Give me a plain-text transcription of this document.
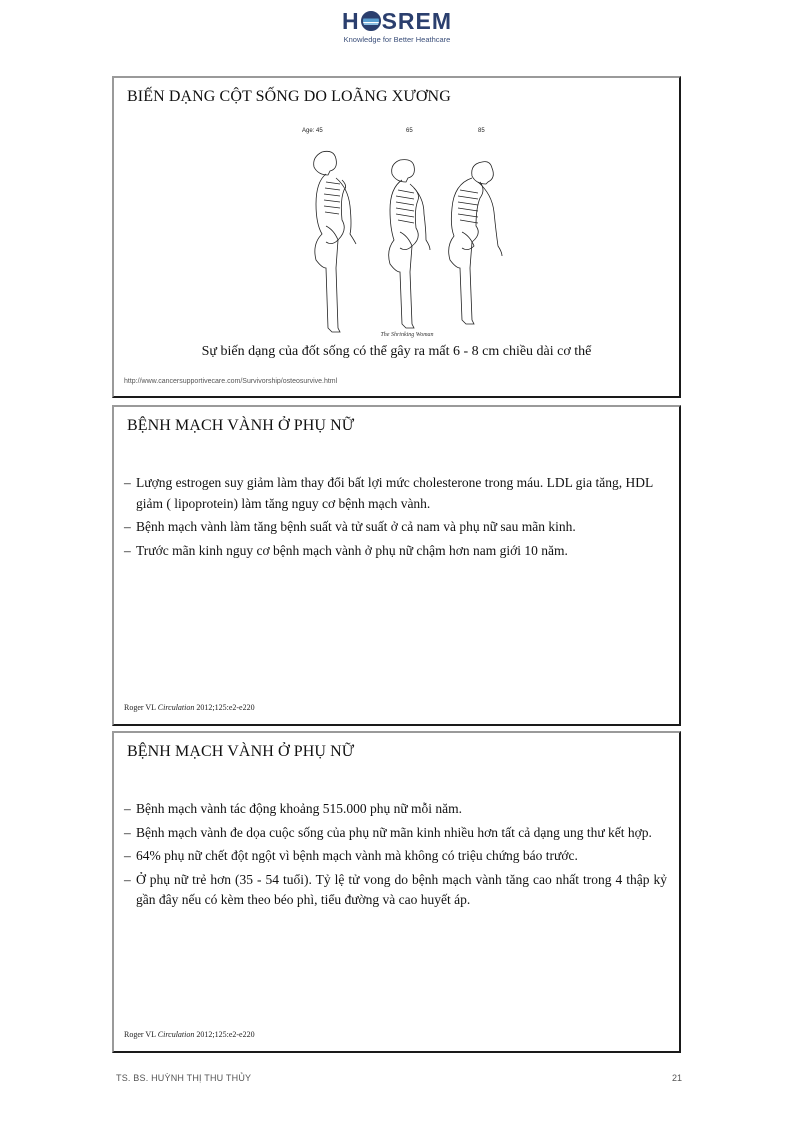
H SREM
Knowledge for Better Heathcare
BIẾN DẠNG CỘT SỐNG DO LOÃNG XƯƠNG
Age: 45	65	85
The Shrinking Woman
Sự biến dạng của đốt sống có thể gây ra mất 6 - 8 cm chiều dài cơ thể
http://www.cancersupportivecare.com/Survivorship/osteosurvive.html
BỆNH MẠCH VÀNH Ở PHỤ NỮ
– Lượng estrogen suy giảm làm thay đổi bất lợi mức cholesterone trong máu. LDL gia tăng, HDL giảm ( lipoprotein) làm tăng nguy cơ bệnh mạch vành.
– Bệnh mạch vành làm tăng bệnh suất và tử suất ở cả nam và phụ nữ sau mãn kinh.
– Trước mãn kinh nguy cơ bệnh mạch vành ở phụ nữ chậm hơn nam giới 10 năm.
Roger VL Circulation 2012;125:e2-e220
BỆNH MẠCH VÀNH Ở PHỤ NỮ
– Bệnh mạch vành tác động khoảng 515.000 phụ nữ mỗi năm.
– Bệnh mạch vành đe dọa cuộc sống của phụ nữ mãn kinh nhiều hơn tất cả dạng ung thư kết hợp.
– 64% phụ nữ chết đột ngột vì bệnh mạch vành mà không có triệu chứng báo trước.
– Ở phụ nữ trẻ hơn (35 - 54 tuổi). Tỷ lệ tử vong do bệnh mạch vành tăng cao nhất trong 4 thập kỷ gần đây nếu có kèm theo béo phì, tiểu đường và cao huyết áp.
Roger VL Circulation 2012;125:e2-e220
TS. BS. HUỲNH THỊ THU THỦY	21
